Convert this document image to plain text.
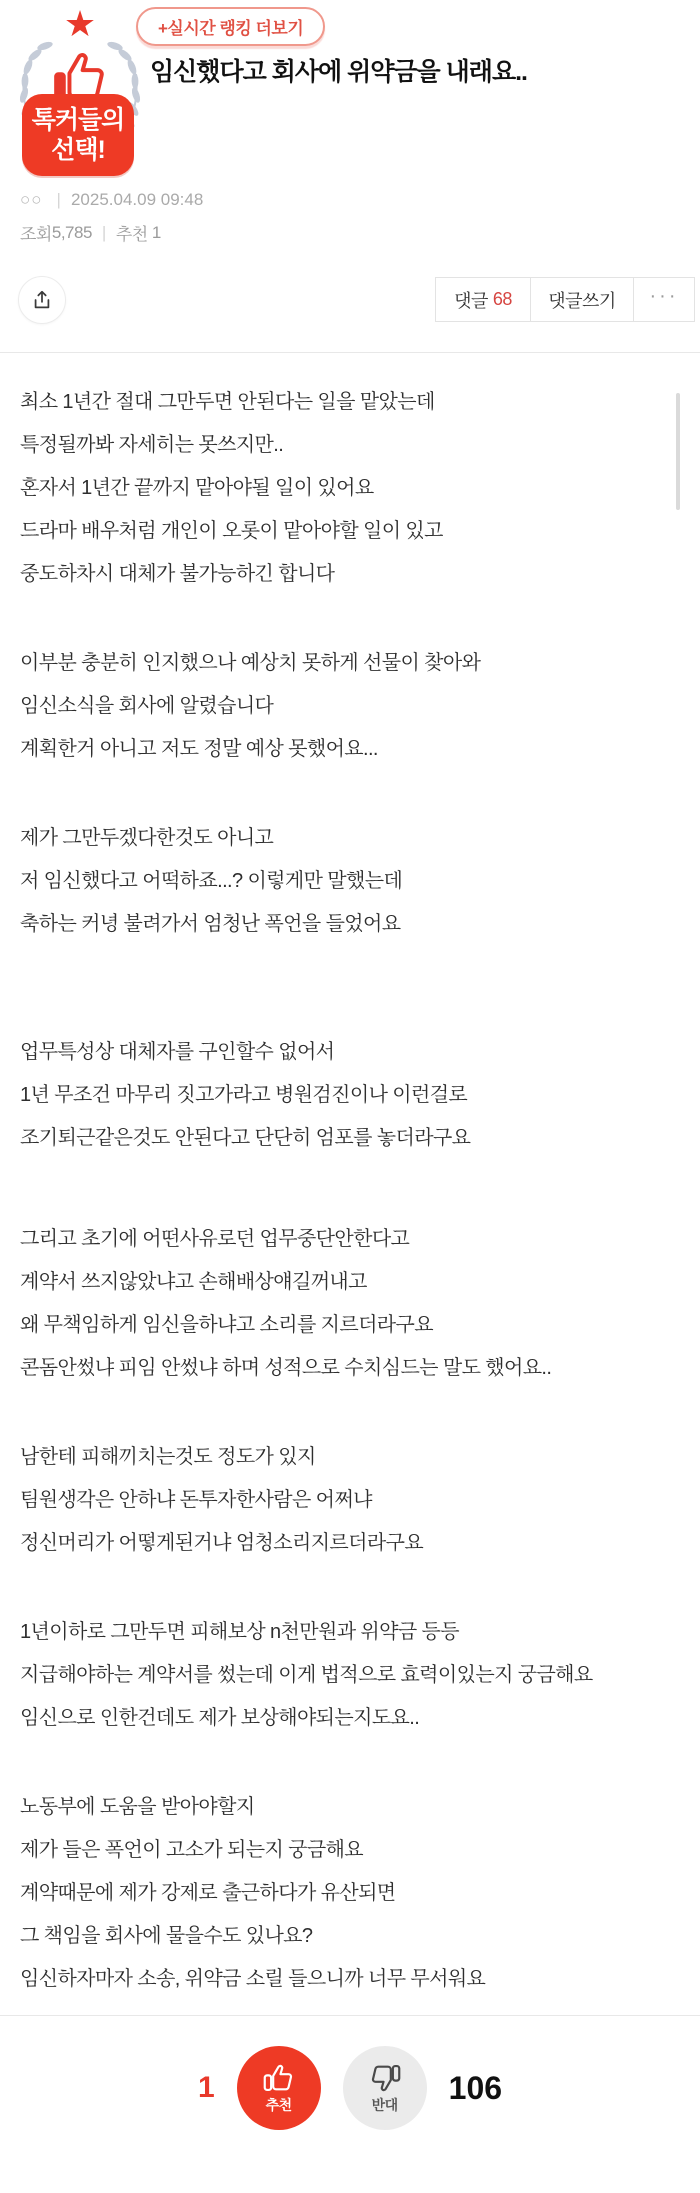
★
톡커들의
선택!
+실시간 랭킹 더보기
임신했다고 회사에 위약금을 내래요..
○○ | 2025.04.09 09:48
조회 5,785 | 추천
1
댓글 68	댓글쓰기	···

최소 1년간 절대 그만두면 안된다는 일을 맡았는데
특정될까봐 자세히는 못쓰지만..
혼자서 1년간 끝까지 맡아야될 일이 있어요
드라마 배우처럼 개인이 오롯이 맡아야할 일이 있고
중도하차시 대체가 불가능하긴 합니다

이부분 충분히 인지했으나 예상치 못하게 선물이 찾아와
임신소식을 회사에 알렸습니다
계획한거 아니고 저도 정말 예상 못했어요...

제가 그만두겠다한것도 아니고
저 임신했다고 어떡하죠...? 이렇게만 말했는데
축하는 커녕 불려가서 엄청난 폭언을 들었어요

업무특성상 대체자를 구인할수 없어서
1년 무조건 마무리 짓고가라고 병원검진이나 이런걸로
조기퇴근같은것도 안된다고 단단히 엄포를 놓더라구요

그리고 초기에 어떤사유로던 업무중단안한다고
계약서 쓰지않았냐고 손해배상얘길꺼내고
왜 무책임하게 임신을하냐고 소리를 지르더라구요
콘돔안썼냐 피임 안썼냐 하며 성적으로 수치심드는 말도 했어요..

남한테 피해끼치는것도 정도가 있지
팀원생각은 안하냐 돈투자한사람은 어쩌냐
정신머리가 어떻게된거냐 엄청소리지르더라구요

1년이하로 그만두면 피해보상 n천만원과 위약금 등등
지급해야하는 계약서를 썼는데 이게 법적으로 효력이있는지 궁금해요
임신으로 인한건데도 제가 보상해야되는지도요..

노동부에 도움을 받아야할지
제가 들은 폭언이 고소가 되는지 궁금해요
계약때문에 제가 강제로 출근하다가 유산되면
그 책임을 회사에 물을수도 있나요?
임신하자마자 소송, 위약금 소릴 들으니까 너무 무서워요

1
추천	반대 106
